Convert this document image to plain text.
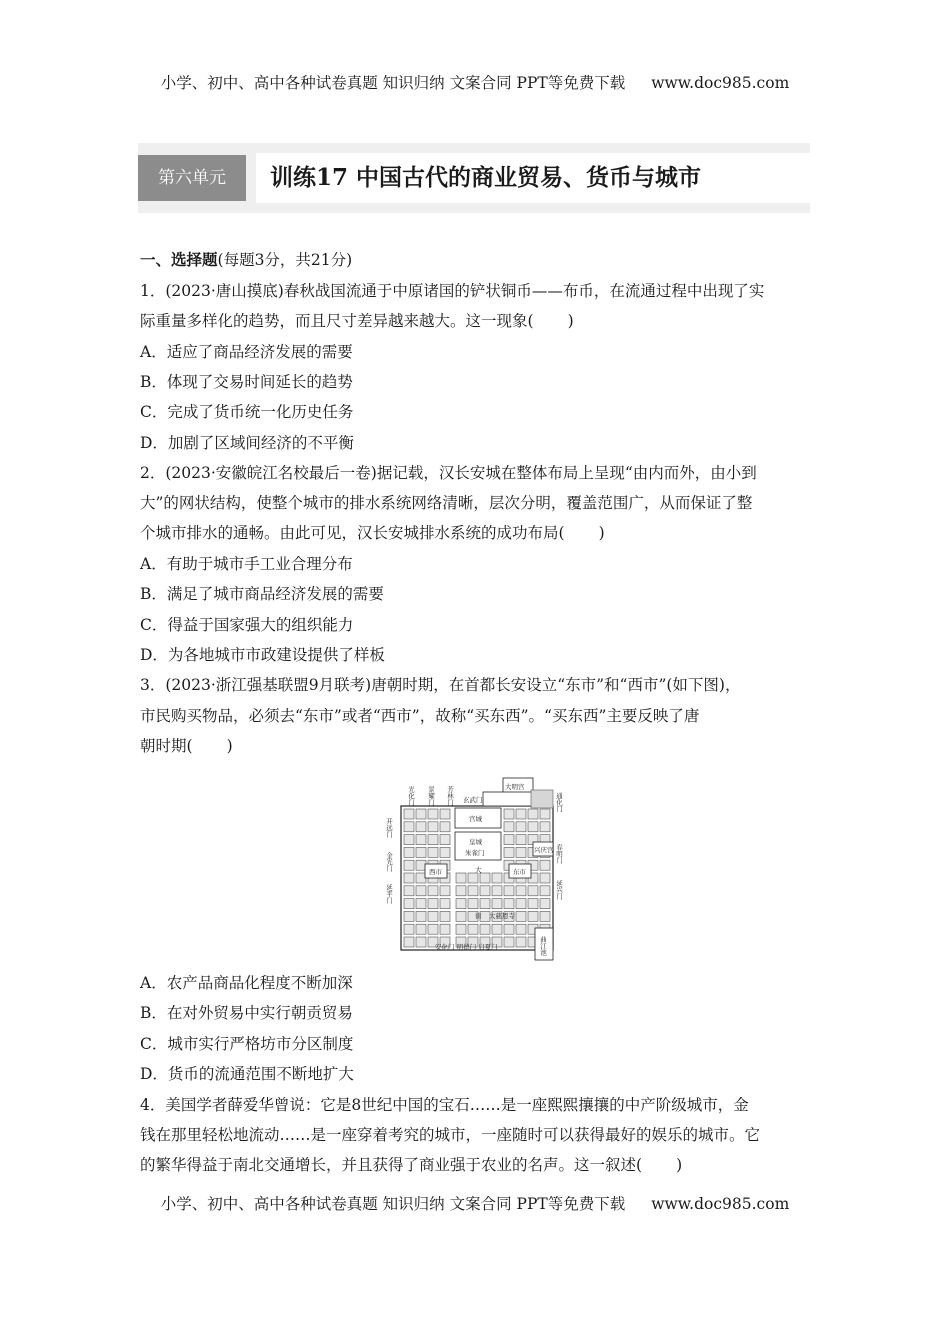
小学、初中、高中各种试卷真题 知识归纳 文案合同 PPT等免费下载 www.doc985.com
第六单元	训练17 中国古代的商业贸易、货币与城市
一、选择题(每题3分，共21分)
1．(2023·唐山摸底)春秋战国流通于中原诸国的铲状铜币——布币，在流通过程中出现了实
际重量多样化的趋势，而且尺寸差异越来越大。这一现象( )
A．适应了商品经济发展的需要
B．体现了交易时间延长的趋势
C．完成了货币统一化历史任务
D．加剧了区域间经济的不平衡
2．(2023·安徽皖江名校最后一卷)据记载，汉长安城在整体布局上呈现“由内而外，由小到
大”的网状结构，使整个城市的排水系统网络清晰，层次分明，覆盖范围广，从而保证了整
个城市排水的通畅。由此可见，汉长安城排水系统的成功布局( )
A．有助于城市手工业合理分布
B．满足了城市商品经济发展的需要
C．得益于国家强大的组织能力
D．为各地城市市政建设提供了样板
3．(2023·浙江强基联盟9月联考)唐朝时期，在首都长安设立“东市”和“西市”(如下图)，
市民购买物品，必须去“东市”或者“西市”，故称“买东西”。“买东西”主要反映了唐
朝时期( )
光化门 景耀门 芳林门	大明宫
玄武门
宫城
皇城
朱雀门
开远门
金光门
延平门
通化门
春明门
延兴门
兴庆宫
西市	东市
大
街 大慈恩寺
曲江池
安化门 明德门 启夏门
A．农产品商品化程度不断加深
B．在对外贸易中实行朝贡贸易
C．城市实行严格坊市分区制度
D．货币的流通范围不断地扩大
4．美国学者薛爱华曾说：它是8世纪中国的宝石……是一座熙熙攘攘的中产阶级城市，金
钱在那里轻松地流动……是一座穿着考究的城市，一座随时可以获得最好的娱乐的城市。它
的繁华得益于南北交通增长，并且获得了商业强于农业的名声。这一叙述( )
小学、初中、高中各种试卷真题 知识归纳 文案合同 PPT等免费下载 www.doc985.com
